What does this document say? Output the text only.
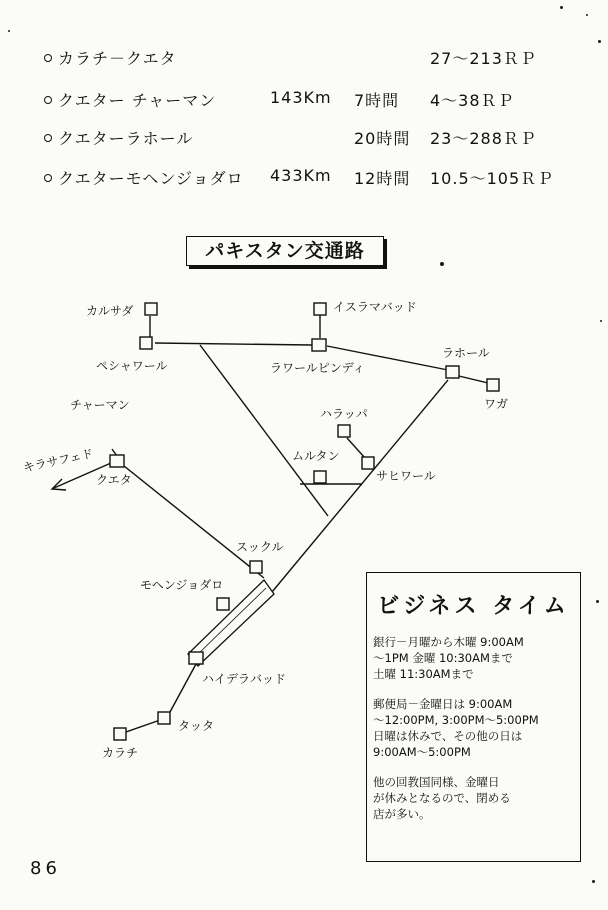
カラチ－クエタ	27～213ＲＰ
クエター チャーマン	143Km 7時間 4～38ＲＰ
クエターラホール	20時間 23～288ＲＰ
クエターモヘンジョダロ 433Km 12時間 10.5～105ＲＰ
パキスタン交通路
カルサダ	イスラマバッド
ペシャワール	ラワールピンディ
ラホール
ワガ
チャーマン
ハラッパ
ムルタン
サヒワール
キラサフェド
クエタ
スックル
モヘンジョダロ
ハイデラバッド
タッタ
カラチ
ビジネス タイム
銀行－月曜から木曜 9:00AM
～1PM 金曜 10:30AMまで
土曜 11:30AMまで
郵便局－金曜日は 9:00AM
～12:00PM, 3:00PM～5:00PM
日曜は休みで、その他の日は
9:00AM～5:00PM
他の回教国同様、金曜日
が休みとなるので、閉める
店が多い。
86
